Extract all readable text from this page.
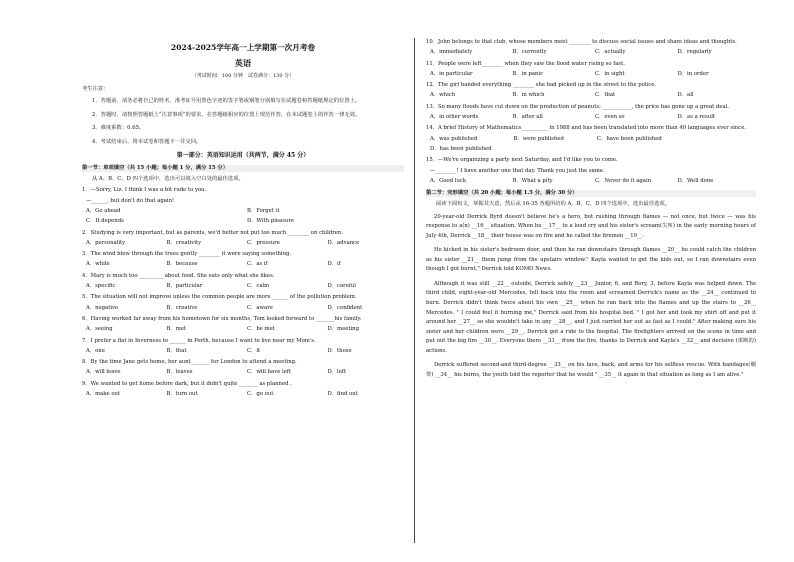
2024-2025学年高一上学期第一次月考卷
英语
（考试时间：100 分钟　试卷满分：130 分）
考生注意：
1．答题前，请务必将自己的姓名、准考证号用黑色字迹的签字笔或钢笔分别填写在试题卷和答题纸规定的位置上。
2．答题时，请按照答题纸上“注意事项”的要求，在答题纸相应的位置上规范作答，在本试题卷上的作答一律无效。
3．难度系数：0.65。
4．考试结束后，将本试卷和答题卡一并交回。
第一部分：英语知识运用（共两节，满分 45 分）
第一节：单项填空（共 15 小题；每小题 1 分，满分 15 分）
从 A、B、C、D 四个选项中，选出可以填入空白处的最佳选项。
1．—Sorry, Liz. I think I was a bit rude to you.
—______, but don't do that again!
A．Go ahead	B．Forget it
C．It depends	D．With pleasure
2．Studying is very important, but as parents, we'd better not put too much ________ on children.
A．personality	B．creativity	C．pressure	D．advance
3．The wind blew through the trees gently ________ it were saying something.
A．while	B．because	C．as if	D．if
4．Mary is much too _________ about food. She eats only what she likes.
A．specific	B．particular	C．calm	D．careful
5．The situation will not improve unless the common people are more ______ of the pollution problem.
A．negative	B．creative	C．aware	D．confident
6．Having worked far away from his hometown for six months, Tom looked forward to _______his family.
A．seeing	B．met	C．be met	D．meeting
7．I prefer a flat in Inverness to ______ in Perth, because I want to live near my Mom's.
A．one	B．that	C．it	D．those
8．By the time Jane gets home, her aunt_______ for London to attend a meeting.
A．will leave	B．leaves	C．will have left	D．left
9．We wanted to get home before dark, but it didn't quite _______ as planned .
A．make out	B．turn out	C．go out	D．find out
10．John belongs to that club, whose members meet ________ to discuss social issues and share ideas and thoughts.
A．immediately	B．currently	C．actually	D．regularly
11．People were left________ when they saw the flood water rising so fast.
A．in particular	B．in panic	C．in sight	D．in order
12．The girl handed everything ________ she had picked up in the street to the police.
A．which	B．in which	C．that	D．all
13．So many floods have cut down on the production of peanuts; ___________, the price has gone up a great deal.
A．in other words	B．after all	C．even so	D．as a result
14．A brief History of Mathematics__________ in 1988 and has been translated into more than 40 languages ever since.
A．was published	B．were published	C．have been published
D．has been published
15．—We're organizing a party next Saturday, and I'd like you to come.
—________! I have another one that day. Thank you just the same.
A．Good luck	B．What a pity	C．Never do it again	D．Well done
第二节：完形填空（共 20 小题；每小题 1.5 分，满分 30 分）
阅读下面短文，掌握其大意，然后从 16-35 各题所给的 A、B、C、D 四个选项中，选出最佳选项。
20-year-old Derrick Byrd doesn't believe he's a hero, but rushing through flames — not once, but twice — was his response to a(n) __16__ situation. When he __17__ to a loud cry and his sister's scream(尖叫) in the early morning hours of July 4th, Derrick __18__ their house was on fire and he called the firemen __19__.
He kicked in his sister's bedroom door, and then he ran downstairs through flames __20__ he could catch the children as his sister __21__ them jump from the upstairs window." Kayla wanted to get the kids out, so I ran downstairs even though I got burnt," Derrick told KOMO News.
Although it was still __22__ outside, Derrick safely __23__ Junior, 6, and Rory, 3, before Kayla was helped down. The third child, eight-year-old Mercedes, fell back into the room and screamed Derrick's name as the __24__ continued to burn. Derrick didn't think twice about his own __25__ when he ran back into the flames and up the stairs to __26__ Mercedes. " I could feel it burning me," Derrick said from his hospital bed. " I got her and took my shirt off and put it around her __27__ so she wouldn't take in any __28__, and I just carried her out as fast as I could." After making sure his sister and her children were __29__, Derrick got a ride to the hospital. The firefighters arrived on the scene in time and put out the big fire __30__. Everyone there __31__ from the fire, thanks to Derrick and Kayla's __32__ and decisive (果断的) actions.
Derrick suffered second-and third-degree __33__ on his face, back, and arms for his selfless rescue. With bandages(绷带) __34__ his burns, the youth told the reporter that he would " __35__ it again in that situation as long as I am alive."
